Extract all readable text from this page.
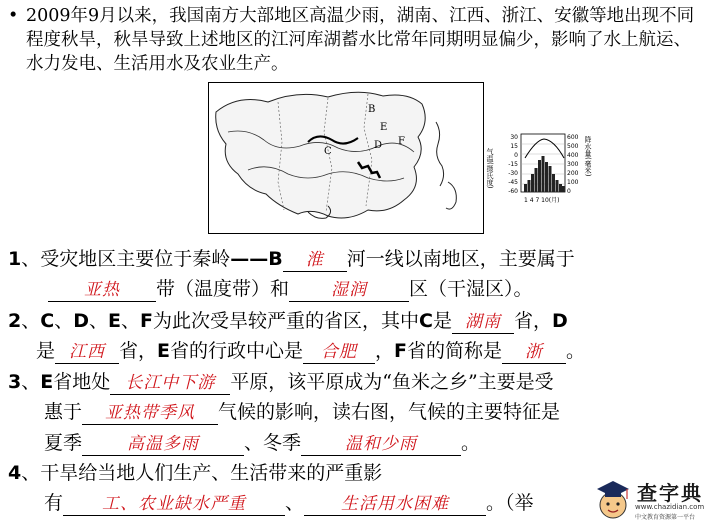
• 2009年9月以来，我国南方大部地区高温少雨，湖南、江西、浙江、安徽等地出现不同程度秋旱，秋旱导致上述地区的江河库湖蓄水比常年同期明显偏少，影响了水上航运、水力发电、生活用水及农业生产。
B
E
C
D F
气温(摄氏度)
30
15
0
-15
-30
-45
-60
600
500
400
300
200
100
0
降水量(毫米)
1 4 7 10(月)
1、受灾地区主要位于秦岭——B 淮 河一线以南地区，主要属于
亚热 带（温度带）和 湿润 区（干湿区）。
2、C、D、E、F为此次受旱较严重的省区，其中C是 湖南 省，D
是 江西 省，E省的行政中心是 合肥 ，F省的简称是 浙 。
3、E省地处 长江中下游 平原，该平原成为“鱼米之乡”主要是受
惠于 亚热带季风 气候的影响，读右图，气候的主要特征是
夏季	高温多雨 、冬季	温和少雨 。
4、干旱给当地人们生产、生活带来的严重影
有 工、农业缺水严重 、 生活用水困难 。（举	查字典
www.chazidian.com
中文教育资源第一平台
